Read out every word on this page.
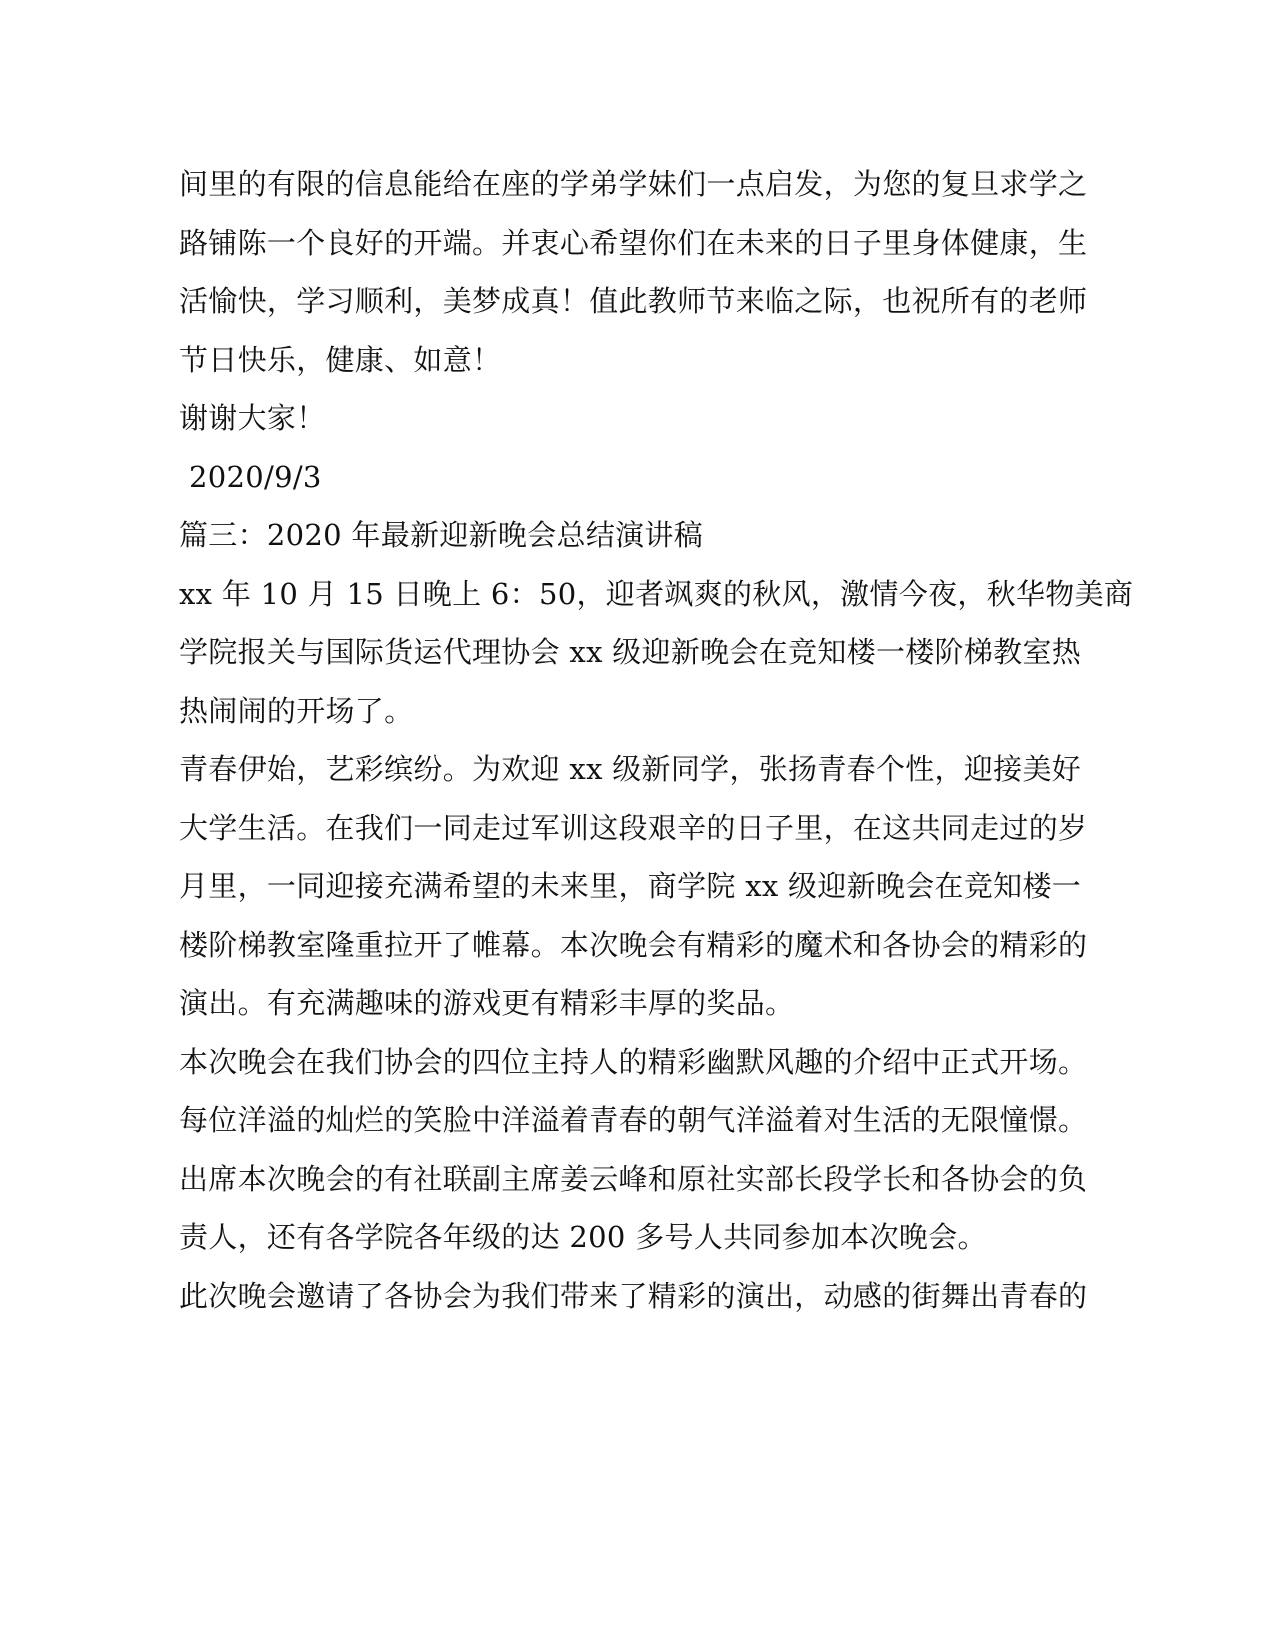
间里的有限的信息能给在座的学弟学妹们一点启发，为您的复旦求学之
路铺陈一个良好的开端。并衷心希望你们在未来的日子里身体健康，生
活愉快，学习顺利，美梦成真！值此教师节来临之际，也祝所有的老师
节日快乐，健康、如意！
谢谢大家！
2020/9/3
篇三：2020 年最新迎新晚会总结演讲稿
xx 年 10 月 15 日晚上 6：50，迎者飒爽的秋风，激情今夜，秋华物美商
学院报关与国际货运代理协会 xx 级迎新晚会在竞知楼一楼阶梯教室热
热闹闹的开场了。
青春伊始，艺彩缤纷。为欢迎 xx 级新同学，张扬青春个性，迎接美好
大学生活。在我们一同走过军训这段艰辛的日子里，在这共同走过的岁
月里，一同迎接充满希望的未来里，商学院 xx 级迎新晚会在竞知楼一
楼阶梯教室隆重拉开了帷幕。本次晚会有精彩的魔术和各协会的精彩的
演出。有充满趣味的游戏更有精彩丰厚的奖品。
本次晚会在我们协会的四位主持人的精彩幽默风趣的介绍中正式开场。
每位洋溢的灿烂的笑脸中洋溢着青春的朝气洋溢着对生活的无限憧憬。
出席本次晚会的有社联副主席姜云峰和原社实部长段学长和各协会的负
责人，还有各学院各年级的达 200 多号人共同参加本次晚会。
此次晚会邀请了各协会为我们带来了精彩的演出，动感的街舞出青春的
